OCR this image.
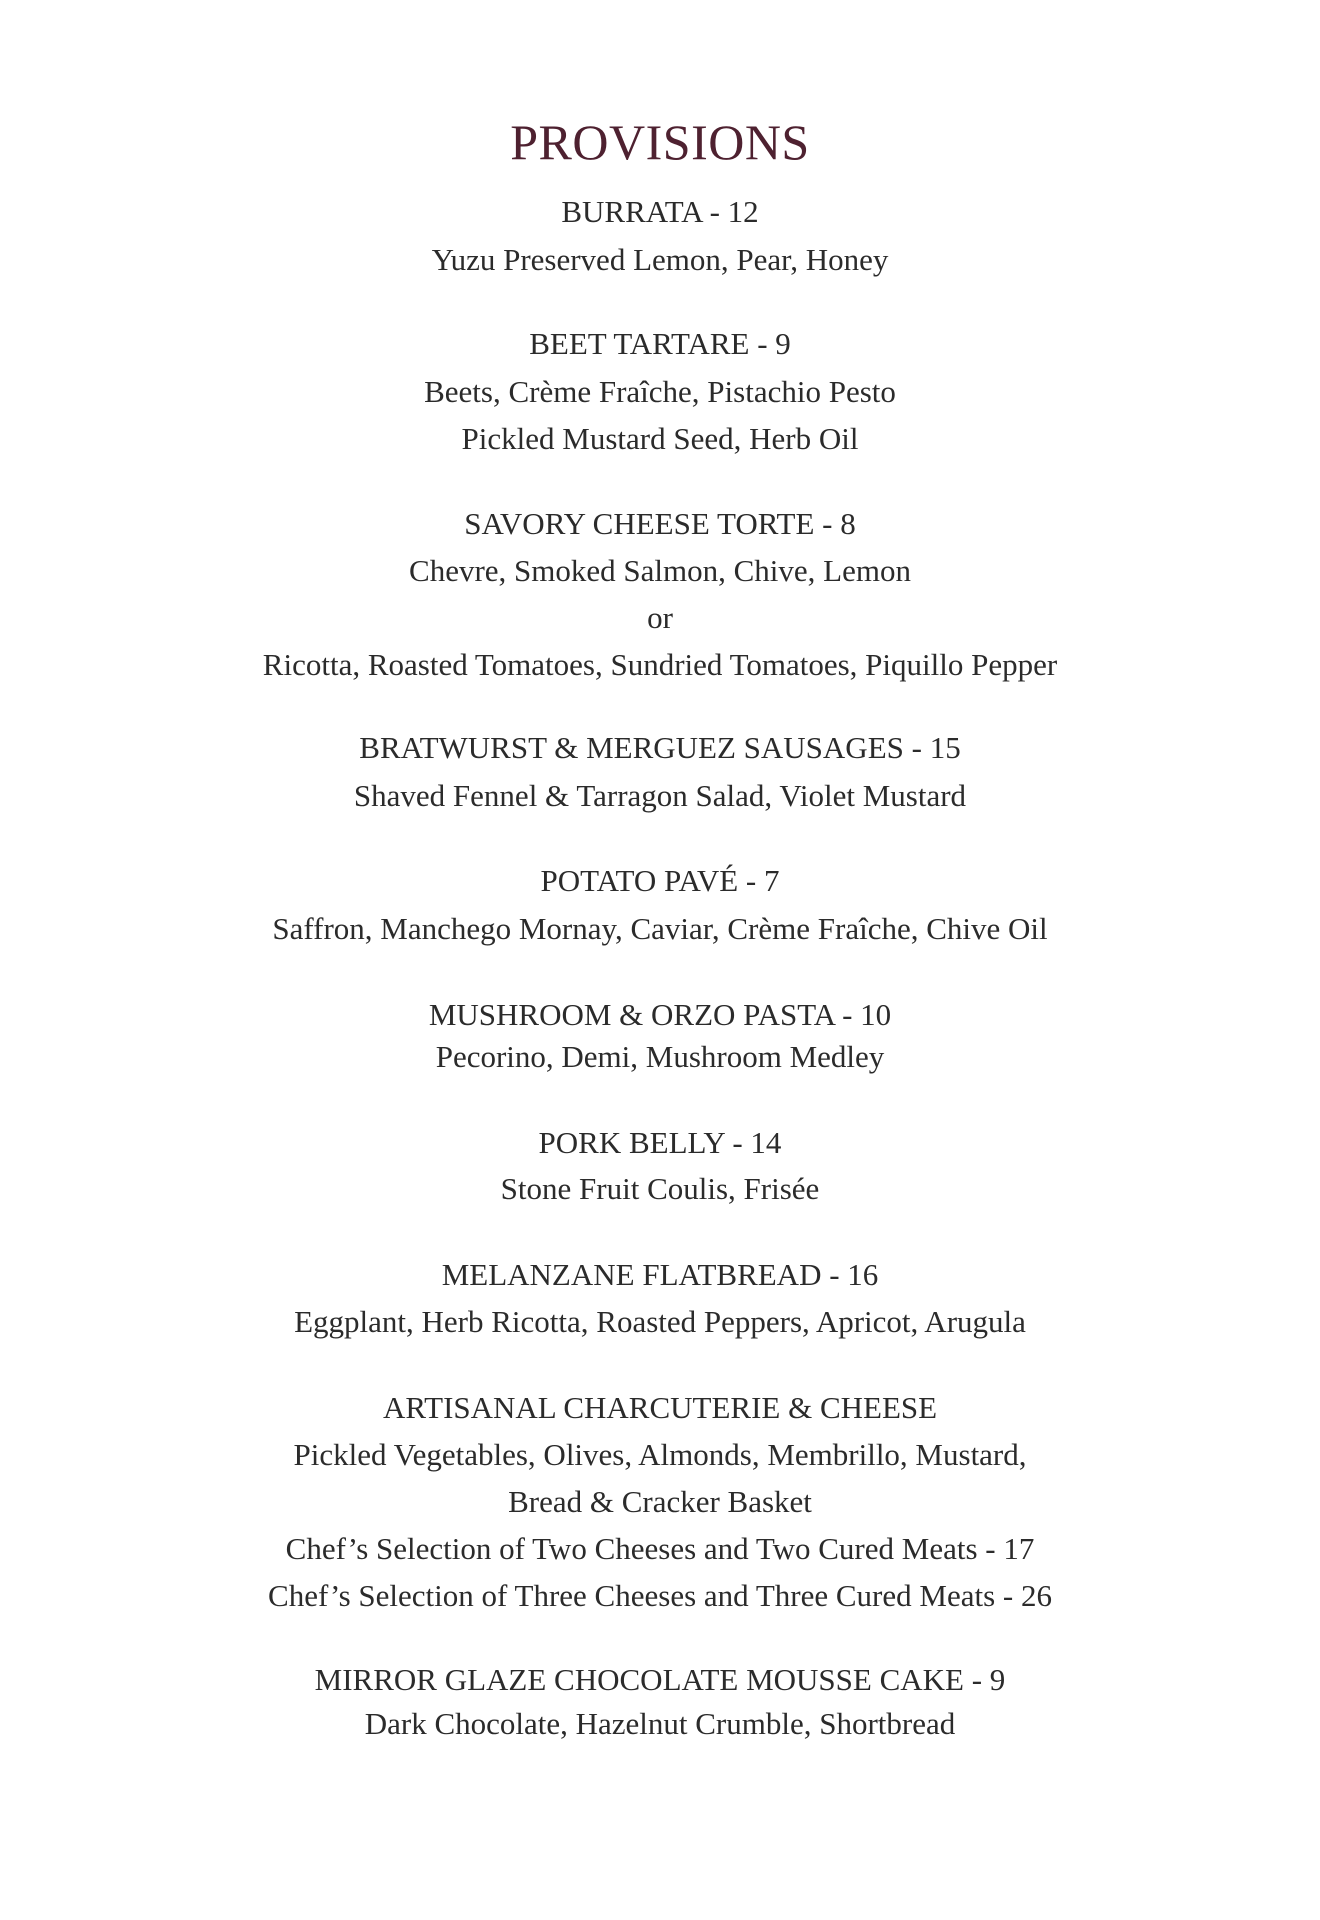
PROVISIONS
BURRATA - 12
Yuzu Preserved Lemon, Pear, Honey
BEET TARTARE - 9
Beets, Crème Fraîche, Pistachio Pesto
Pickled Mustard Seed, Herb Oil
SAVORY CHEESE TORTE - 8
Chevre, Smoked Salmon, Chive, Lemon
or
Ricotta, Roasted Tomatoes, Sundried Tomatoes, Piquillo Pepper
BRATWURST & MERGUEZ SAUSAGES - 15
Shaved Fennel & Tarragon Salad, Violet Mustard
POTATO PAVÉ - 7
Saffron, Manchego Mornay, Caviar, Crème Fraîche, Chive Oil
MUSHROOM & ORZO PASTA - 10
Pecorino, Demi, Mushroom Medley
PORK BELLY - 14
Stone Fruit Coulis, Frisée
MELANZANE FLATBREAD - 16
Eggplant, Herb Ricotta, Roasted Peppers, Apricot, Arugula
ARTISANAL CHARCUTERIE & CHEESE
Pickled Vegetables, Olives, Almonds, Membrillo, Mustard,
Bread & Cracker Basket
Chef’s Selection of Two Cheeses and Two Cured Meats - 17
Chef’s Selection of Three Cheeses and Three Cured Meats - 26
MIRROR GLAZE CHOCOLATE MOUSSE CAKE - 9
Dark Chocolate, Hazelnut Crumble, Shortbread
